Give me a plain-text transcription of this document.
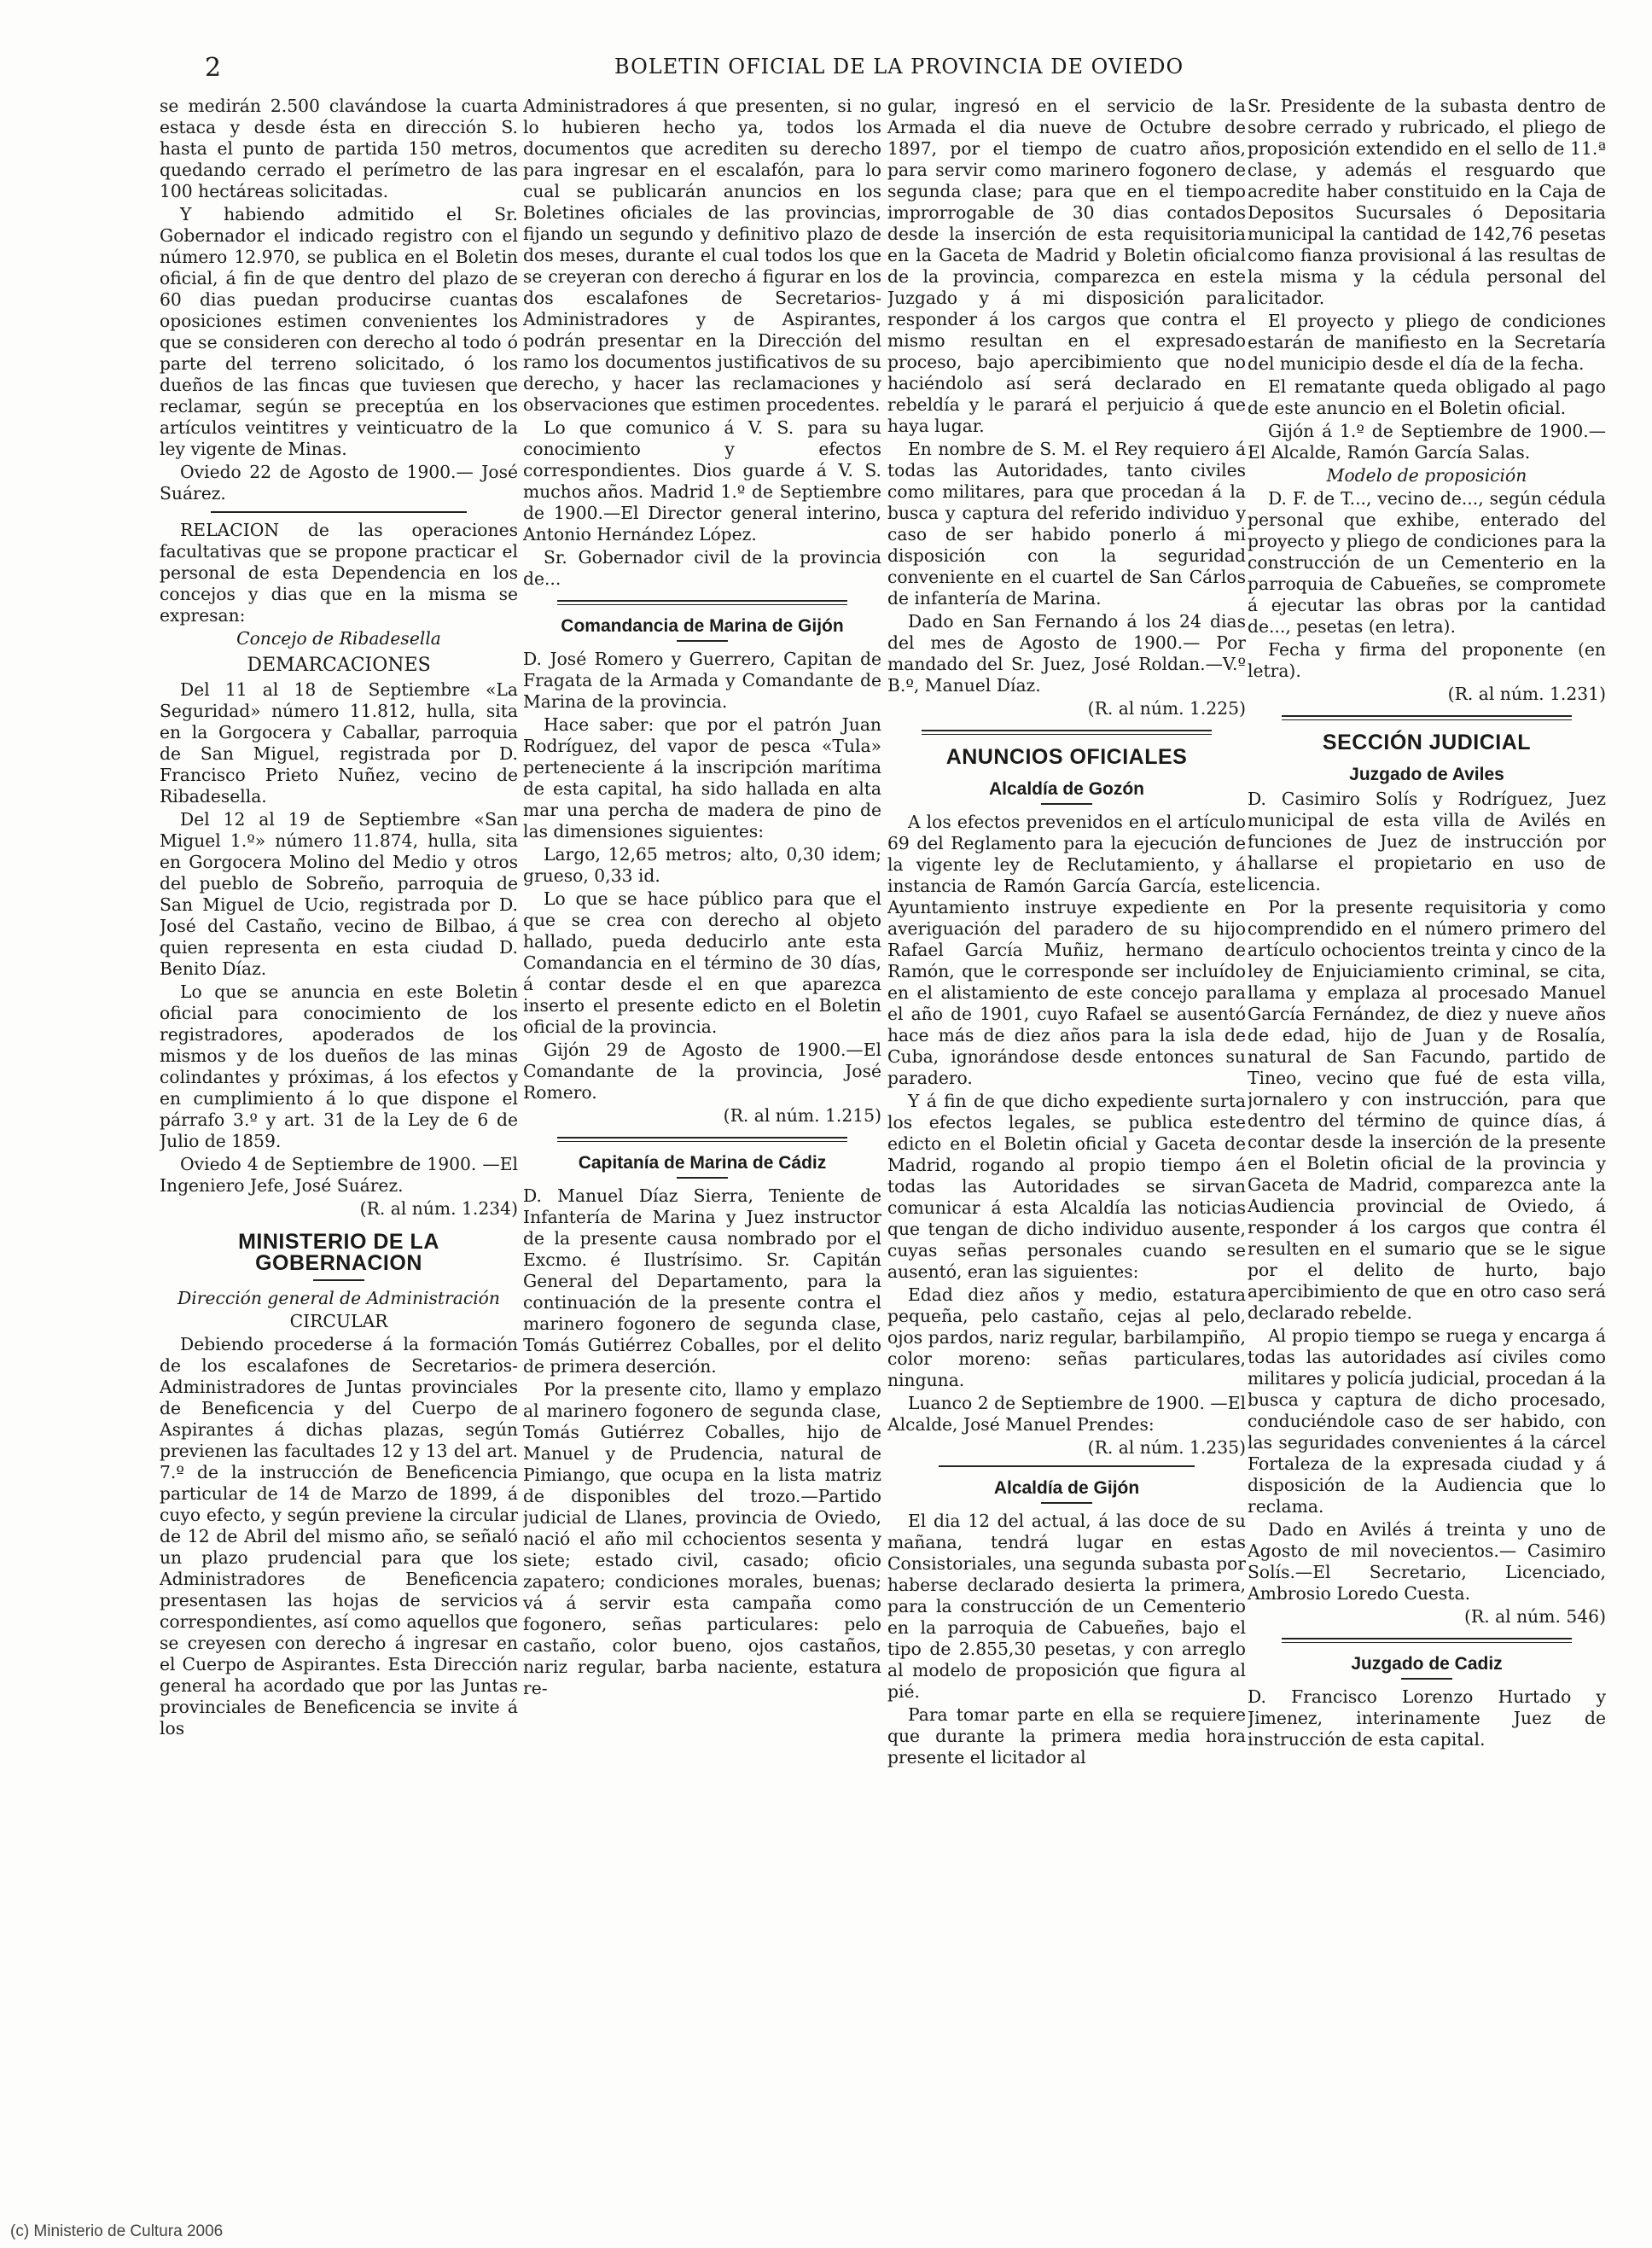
2	BOLETIN OFICIAL DE LA PROVINCIA DE OVIEDO

se medirán 2.500 clavándose la cuarta estaca y desde ésta en dirección S. hasta el punto de partida 150 metros, quedando cerrado el perímetro de las 100 hectáreas solicitadas.

Y habiendo admitido el Sr. Gobernador el indicado registro con el número 12.970, se publica en el Boletin oficial, á fin de que dentro del plazo de 60 dias puedan producirse cuantas oposiciones estimen convenientes los que se consideren con derecho al todo ó parte del terreno solicitado, ó los dueños de las fincas que tuviesen que reclamar, según se preceptúa en los artículos veintitres y veinticuatro de la ley vigente de Minas.

Oviedo 22 de Agosto de 1900.— José Suárez.

RELACION de las operaciones facultativas que se propone practicar el personal de esta Dependencia en los concejos y dias que en la misma se expresan:

Concejo de Ribadesella

DEMARCACIONES

Del 11 al 18 de Septiembre «La Seguridad» número 11.812, hulla, sita en la Gorgocera y Caballar, parroquia de San Miguel, registrada por D. Francisco Prieto Nuñez, vecino de Ribadesella.

Del 12 al 19 de Septiembre «San Miguel 1.º» número 11.874, hulla, sita en Gorgocera Molino del Medio y otros del pueblo de Sobreño, parroquia de San Miguel de Ucio, registrada por D. José del Castaño, vecino de Bilbao, á quien representa en esta ciudad D. Benito Díaz.

Lo que se anuncia en este Boletin oficial para conocimiento de los registradores, apoderados de los mismos y de los dueños de las minas colindantes y próximas, á los efectos y en cumplimiento á lo que dispone el párrafo 3.º y art. 31 de la Ley de 6 de Julio de 1859.

Oviedo 4 de Septiembre de 1900. —El Ingeniero Jefe, José Suárez.

(R. al núm. 1.234)

MINISTERIO DE LA GOBERNACION

Dirección general de Administración

CIRCULAR

Debiendo procederse á la formación de los escalafones de Secretarios-Administradores de Juntas provinciales de Beneficencia y del Cuerpo de Aspirantes á dichas plazas, según previenen las facultades 12 y 13 del art. 7.º de la instrucción de Beneficencia particular de 14 de Marzo de 1899, á cuyo efecto, y según previene la circular de 12 de Abril del mismo año, se señaló un plazo prudencial para que los Administradores de Beneficencia presentasen las hojas de servicios correspondientes, así como aquellos que se creyesen con derecho á ingresar en el Cuerpo de Aspirantes. Esta Dirección general ha acordado que por las Juntas provinciales de Beneficencia se invite á los

Administradores á que presenten, si no lo hubieren hecho ya, todos los documentos que acrediten su derecho para ingresar en el escalafón, para lo cual se publicarán anuncios en los Boletines oficiales de las provincias, fijando un segundo y definitivo plazo de dos meses, durante el cual todos los que se creyeran con derecho á figurar en los dos escalafones de Secretarios-Administradores y de Aspirantes, podrán presentar en la Dirección del ramo los documentos justificativos de su derecho, y hacer las reclamaciones y observaciones que estimen procedentes.

Lo que comunico á V. S. para su conocimiento y efectos correspondientes. Dios guarde á V. S. muchos años. Madrid 1.º de Septiembre de 1900.—El Director general interino, Antonio Hernández López.

Sr. Gobernador civil de la provincia de...

Comandancia de Marina de Gijón

D. José Romero y Guerrero, Capitan de Fragata de la Armada y Comandante de Marina de la provincia.

Hace saber: que por el patrón Juan Rodríguez, del vapor de pesca «Tula» perteneciente á la inscripción marítima de esta capital, ha sido hallada en alta mar una percha de madera de pino de las dimensiones siguientes:

Largo, 12,65 metros; alto, 0,30 idem; grueso, 0,33 id.

Lo que se hace público para que el que se crea con derecho al objeto hallado, pueda deducirlo ante esta Comandancia en el término de 30 días, á contar desde el en que aparezca inserto el presente edicto en el Boletin oficial de la provincia.

Gijón 29 de Agosto de 1900.—El Comandante de la provincia, José Romero.

(R. al núm. 1.215)

Capitanía de Marina de Cádiz

D. Manuel Díaz Sierra, Teniente de Infantería de Marina y Juez instructor de la presente causa nombrado por el Excmo. é Ilustrísimo. Sr. Capitán General del Departamento, para la continuación de la presente contra el marinero fogonero de segunda clase, Tomás Gutiérrez Coballes, por el delito de primera deserción.

Por la presente cito, llamo y emplazo al marinero fogonero de segunda clase, Tomás Gutiérrez Coballes, hijo de Manuel y de Prudencia, natural de Pimiango, que ocupa en la lista matriz de disponibles del trozo.—Partido judicial de Llanes, provincia de Oviedo, nació el año mil cchocientos sesenta y siete; estado civil, casado; oficio zapatero; condiciones morales, buenas; vá á servir esta campaña como fogonero, señas particulares: pelo castaño, color bueno, ojos castaños, nariz regular, barba naciente, estatura re-

gular, ingresó en el servicio de la Armada el dia nueve de Octubre de 1897, por el tiempo de cuatro años, para servir como marinero fogonero de segunda clase; para que en el tiempo improrrogable de 30 dias contados desde la inserción de esta requisitoria en la Gaceta de Madrid y Boletin oficial de la provincia, comparezca en este Juzgado y á mi disposición para responder á los cargos que contra el mismo resultan en el expresado proceso, bajo apercibimiento que no haciéndolo así será declarado en rebeldía y le parará el perjuicio á que haya lugar.

En nombre de S. M. el Rey requiero á todas las Autoridades, tanto civiles como militares, para que procedan á la busca y captura del referido individuo y caso de ser habido ponerlo á mi disposición con la seguridad conveniente en el cuartel de San Cárlos de infantería de Marina.

Dado en San Fernando á los 24 dias del mes de Agosto de 1900.— Por mandado del Sr. Juez, José Roldan.—V.º B.º, Manuel Díaz.

(R. al núm. 1.225)

ANUNCIOS OFICIALES
Alcaldía de Gozón

A los efectos prevenidos en el artículo 69 del Reglamento para la ejecución de la vigente ley de Reclutamiento, y á instancia de Ramón García García, este Ayuntamiento instruye expediente en averiguación del paradero de su hijo Rafael García Muñiz, hermano de Ramón, que le corresponde ser incluído en el alistamiento de este concejo para el año de 1901, cuyo Rafael se ausentó hace más de diez años para la isla de Cuba, ignorándose desde entonces su paradero.

Y á fin de que dicho expediente surta los efectos legales, se publica este edicto en el Boletin oficial y Gaceta de Madrid, rogando al propio tiempo á todas las Autoridades se sirvan comunicar á esta Alcaldía las noticias que tengan de dicho individuo ausente, cuyas señas personales cuando se ausentó, eran las siguientes:

Edad diez años y medio, estatura pequeña, pelo castaño, cejas al pelo, ojos pardos, nariz regular, barbilampiño, color moreno: señas particulares, ninguna.

Luanco 2 de Septiembre de 1900. —El Alcalde, José Manuel Prendes:

(R. al núm. 1.235)

Alcaldía de Gijón

El dia 12 del actual, á las doce de su mañana, tendrá lugar en estas Consistoriales, una segunda subasta por haberse declarado desierta la primera, para la construcción de un Cementerio en la parroquia de Cabueñes, bajo el tipo de 2.855,30 pesetas, y con arreglo al modelo de proposición que figura al pié.

Para tomar parte en ella se requiere que durante la primera media hora presente el licitador al

Sr. Presidente de la subasta dentro de sobre cerrado y rubricado, el pliego de proposición extendido en el sello de 11.ª clase, y además el resguardo que acredite haber constituido en la Caja de Depositos Sucursales ó Depositaria municipal la cantidad de 142,76 pesetas como fianza provisional á las resultas de la misma y la cédula personal del licitador.

El proyecto y pliego de condiciones estarán de manifiesto en la Secretaría del municipio desde el día de la fecha.

El rematante queda obligado al pago de este anuncio en el Boletin oficial.

Gijón á 1.º de Septiembre de 1900.—El Alcalde, Ramón García Salas.

Modelo de proposición

D. F. de T..., vecino de..., según cédula personal que exhibe, enterado del proyecto y pliego de condiciones para la construcción de un Cementerio en la parroquia de Cabueñes, se compromete á ejecutar las obras por la cantidad de..., pesetas (en letra).

Fecha y firma del proponente (en letra).

(R. al núm. 1.231)

SECCIÓN JUDICIAL
Juzgado de Aviles

D. Casimiro Solís y Rodríguez, Juez municipal de esta villa de Avilés en funciones de Juez de instrucción por hallarse el propietario en uso de licencia.

Por la presente requisitoria y como comprendido en el número primero del artículo ochocientos treinta y cinco de la ley de Enjuiciamiento criminal, se cita, llama y emplaza al procesado Manuel García Fernández, de diez y nueve años de edad, hijo de Juan y de Rosalía, natural de San Facundo, partido de Tineo, vecino que fué de esta villa, jornalero y con instrucción, para que dentro del término de quince días, á contar desde la inserción de la presente en el Boletin oficial de la provincia y Gaceta de Madrid, comparezca ante la Audiencia provincial de Oviedo, á responder á los cargos que contra él resulten en el sumario que se le sigue por el delito de hurto, bajo apercibimiento de que en otro caso será declarado rebelde.

Al propio tiempo se ruega y encarga á todas las autoridades así civiles como militares y policía judicial, procedan á la busca y captura de dicho procesado, conduciéndole caso de ser habido, con las seguridades convenientes á la cárcel Fortaleza de la expresada ciudad y á disposición de la Audiencia que lo reclama.

Dado en Avilés á treinta y uno de Agosto de mil novecientos.— Casimiro Solís.—El Secretario, Licenciado, Ambrosio Loredo Cuesta.

(R. al núm. 546)

Juzgado de Cadiz

D. Francisco Lorenzo Hurtado y Jimenez, interinamente Juez de instrucción de esta capital.

(c) Ministerio de Cultura 2006
